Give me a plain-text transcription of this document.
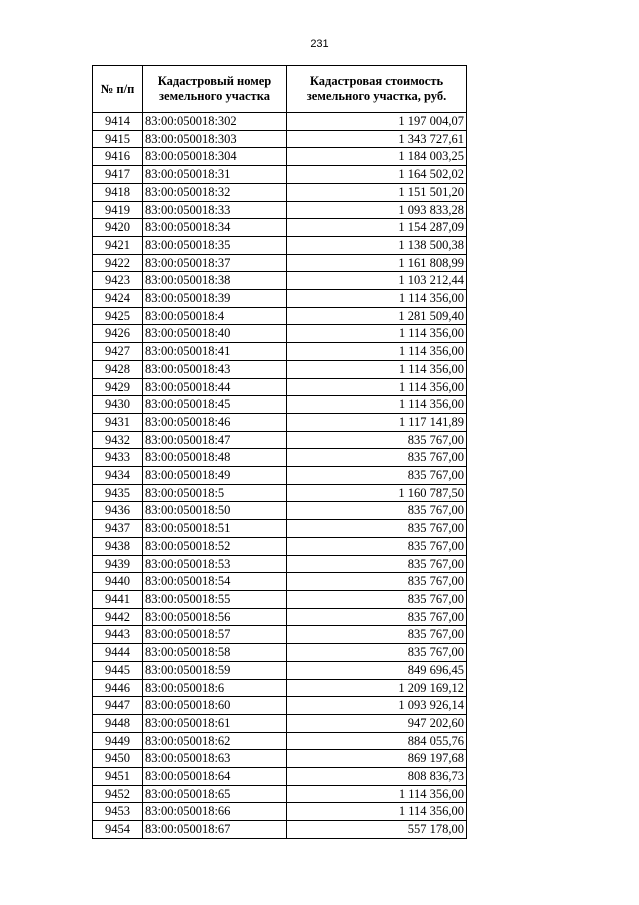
231
№ п/п	Кадастровый номер земельного участка	Кадастровая стоимость земельного участка, руб.
9414	83:00:050018:302	1 197 004,07
9415	83:00:050018:303	1 343 727,61
9416	83:00:050018:304	1 184 003,25
9417	83:00:050018:31	1 164 502,02
9418	83:00:050018:32	1 151 501,20
9419	83:00:050018:33	1 093 833,28
9420	83:00:050018:34	1 154 287,09
9421	83:00:050018:35	1 138 500,38
9422	83:00:050018:37	1 161 808,99
9423	83:00:050018:38	1 103 212,44
9424	83:00:050018:39	1 114 356,00
9425	83:00:050018:4	1 281 509,40
9426	83:00:050018:40	1 114 356,00
9427	83:00:050018:41	1 114 356,00
9428	83:00:050018:43	1 114 356,00
9429	83:00:050018:44	1 114 356,00
9430	83:00:050018:45	1 114 356,00
9431	83:00:050018:46	1 117 141,89
9432	83:00:050018:47	835 767,00
9433	83:00:050018:48	835 767,00
9434	83:00:050018:49	835 767,00
9435	83:00:050018:5	1 160 787,50
9436	83:00:050018:50	835 767,00
9437	83:00:050018:51	835 767,00
9438	83:00:050018:52	835 767,00
9439	83:00:050018:53	835 767,00
9440	83:00:050018:54	835 767,00
9441	83:00:050018:55	835 767,00
9442	83:00:050018:56	835 767,00
9443	83:00:050018:57	835 767,00
9444	83:00:050018:58	835 767,00
9445	83:00:050018:59	849 696,45
9446	83:00:050018:6	1 209 169,12
9447	83:00:050018:60	1 093 926,14
9448	83:00:050018:61	947 202,60
9449	83:00:050018:62	884 055,76
9450	83:00:050018:63	869 197,68
9451	83:00:050018:64	808 836,73
9452	83:00:050018:65	1 114 356,00
9453	83:00:050018:66	1 114 356,00
9454	83:00:050018:67	557 178,00
